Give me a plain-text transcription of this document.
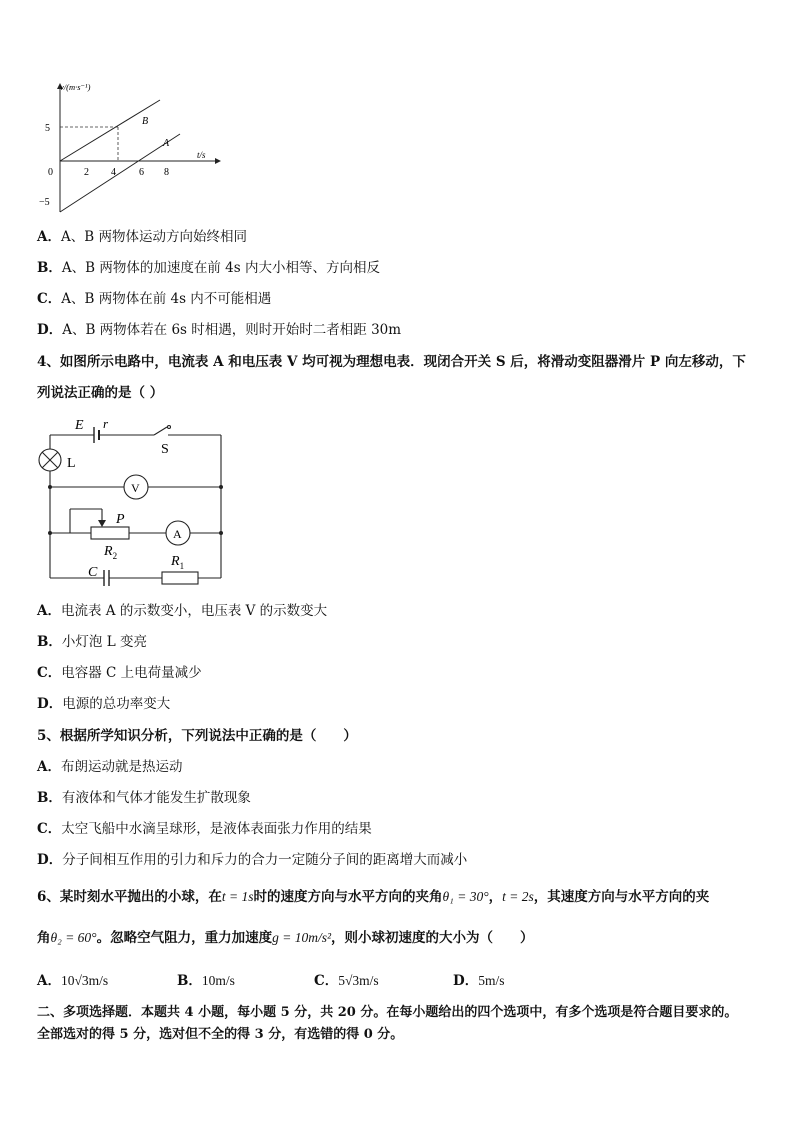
v/(m·s⁻¹)
t/s
0
5
−5
2 4 6 8
B
A
A．A、B 两物体运动方向始终相同
B．A、B 两物体的加速度在前 4s 内大小相等、方向相反
C．A、B 两物体在前 4s 内不可能相遇
D．A、B 两物体若在 6s 时相遇，则时开始时二者相距 30m
4、如图所示电路中，电流表 A 和电压表 V 均可视为理想电表．现闭合开关 S 后，将滑动变阻器滑片 P 向左移动，下
列说法正确的是（ ）
E r
S
L
V
A
P
$R_2$	$R_1$
C
A．电流表 A 的示数变小，电压表 V 的示数变大
B．小灯泡 L 变亮
C．电容器 C 上电荷量减少
D．电源的总功率变大
5、根据所学知识分析，下列说法中正确的是（　　）
A．布朗运动就是热运动
B．有液体和气体才能发生扩散现象
C．太空飞船中水滴呈球形，是液体表面张力作用的结果
D．分子间相互作用的引力和斥力的合力一定随分子间的距离增大而减小
6、某时刻水平抛出的小球，在t = 1s时的速度方向与水平方向的夹角θ₁ = 30°，t = 2s，其速度方向与水平方向的夹
角θ₂ = 60°。忽略空气阻力，重力加速度g = 10m/s²，则小球初速度的大小为（　　）
A．10√3m/s	B．10m/s	C．5√3m/s	D．5m/s
二、多项选择题．本题共 4 小题，每小题 5 分，共 20 分。在每小题给出的四个选项中，有多个选项是符合题目要求的。
全部选对的得 5 分，选对但不全的得 3 分，有选错的得 0 分。
